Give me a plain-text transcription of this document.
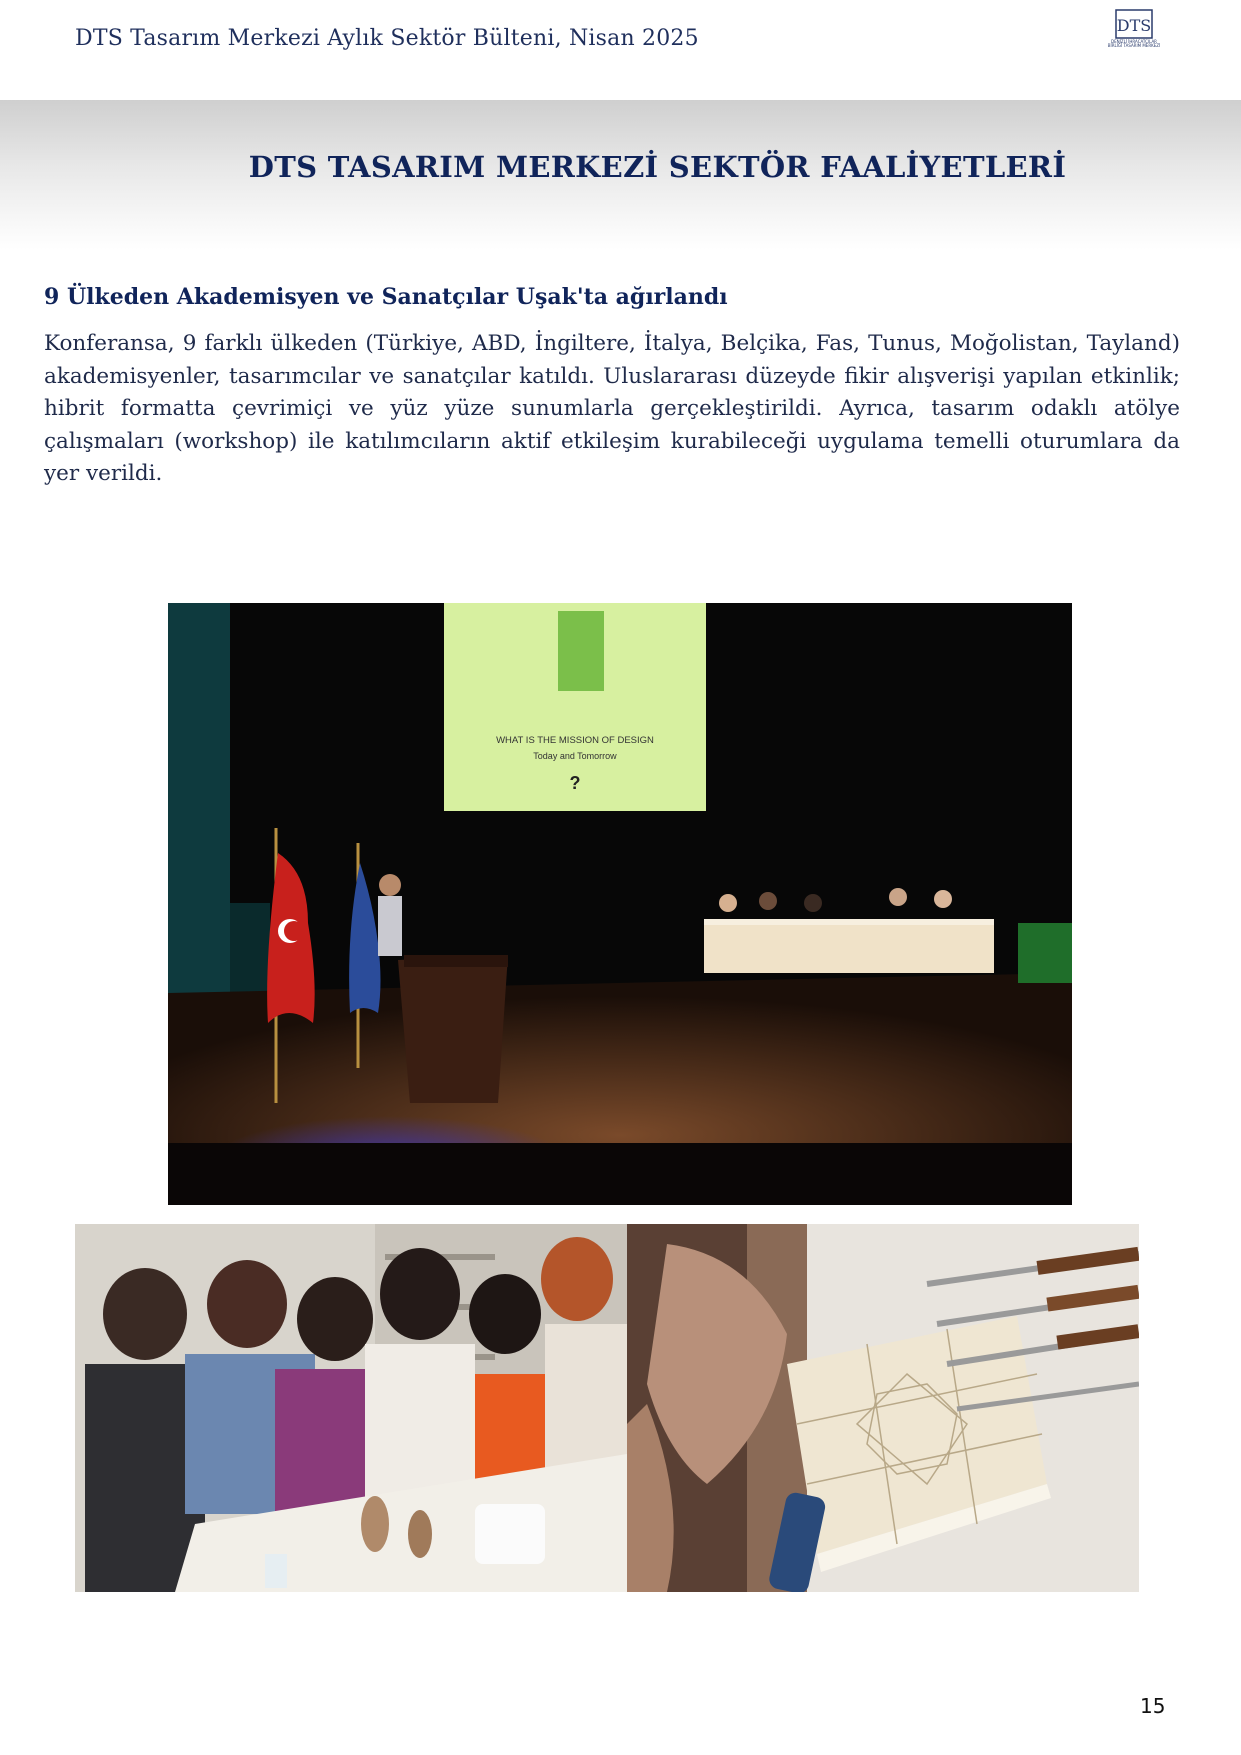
DTS Tasarım Merkezi Aylık Sektör Bülteni, Nisan 2025
DTS
DENİZLİ İHRACATÇILAR BİRLİĞİ TASARIM MERKEZİ
DTS TASARIM MERKEZİ SEKTÖR FAALİYETLERİ
9 Ülkeden Akademisyen ve Sanatçılar Uşak'ta ağırlandı
Konferansa, 9 farklı ülkeden (Türkiye, ABD, İngiltere, İtalya, Belçika, Fas, Tunus, Moğolistan, Tayland) akademisyenler, tasarımcılar ve sanatçılar katıldı. Uluslararası düzeyde fikir alışverişi yapılan etkinlik; hibrit formatta çevrimiçi ve yüz yüze sunumlarla gerçekleştirildi. Ayrıca, tasarım odaklı atölye çalışmaları (workshop) ile katılımcıların aktif etkileşim kurabileceği uygulama temelli oturumlara da yer verildi.
WHAT IS THE MISSION OF DESIGN
Today and Tomorrow
?
15
